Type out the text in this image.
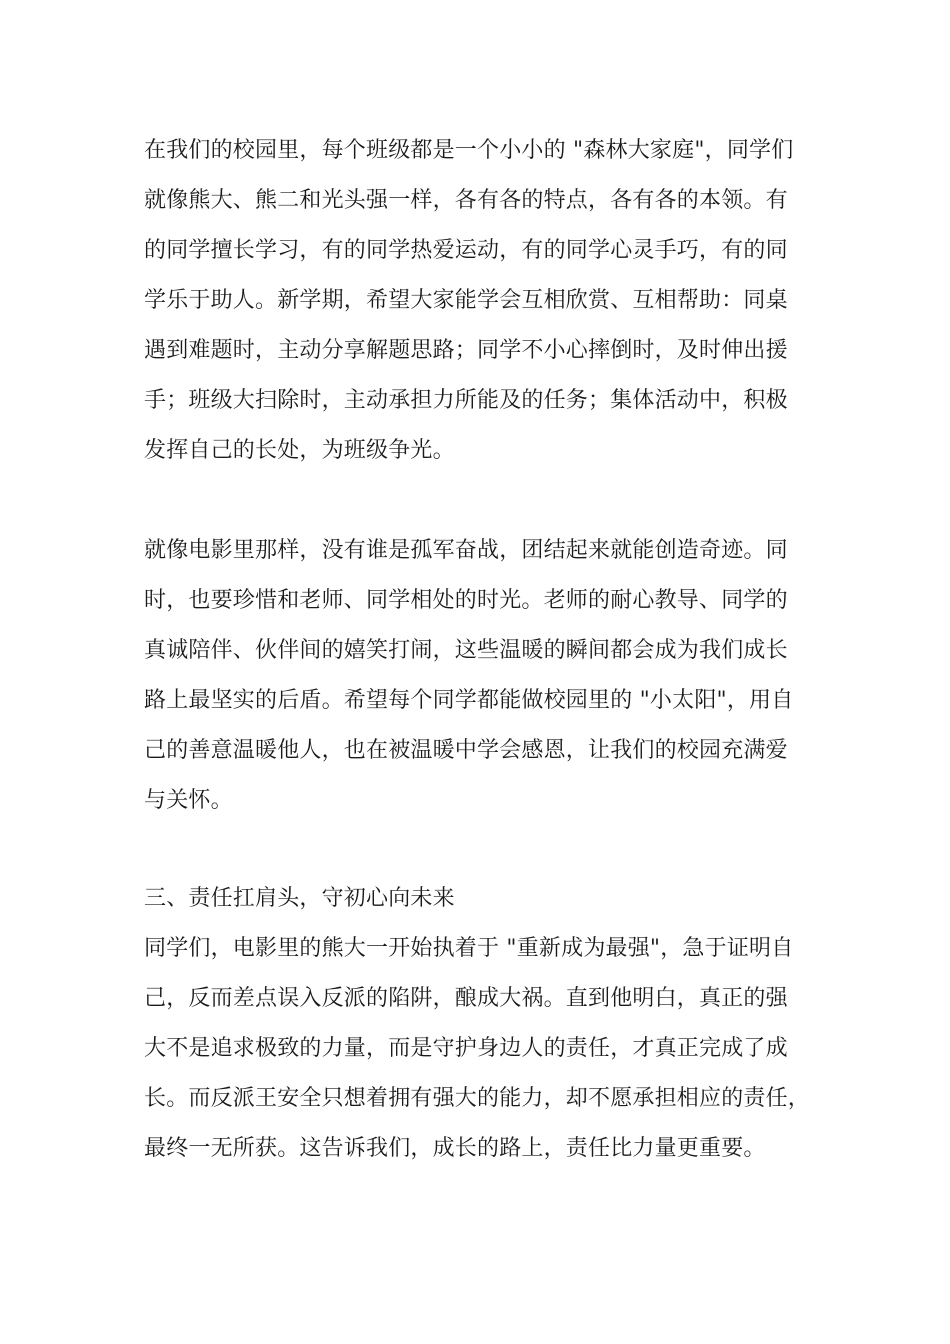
在我们的校园里，每个班级都是一个小小的 "森林大家庭"，同学们
就像熊大、熊二和光头强一样，各有各的特点，各有各的本领。有
的同学擅长学习，有的同学热爱运动，有的同学心灵手巧，有的同
学乐于助人。新学期，希望大家能学会互相欣赏、互相帮助：同桌
遇到难题时，主动分享解题思路；同学不小心摔倒时，及时伸出援
手；班级大扫除时，主动承担力所能及的任务；集体活动中，积极
发挥自己的长处，为班级争光。
就像电影里那样，没有谁是孤军奋战，团结起来就能创造奇迹。同
时，也要珍惜和老师、同学相处的时光。老师的耐心教导、同学的
真诚陪伴、伙伴间的嬉笑打闹，这些温暖的瞬间都会成为我们成长
路上最坚实的后盾。希望每个同学都能做校园里的 "小太阳"，用自
己的善意温暖他人，也在被温暖中学会感恩，让我们的校园充满爱
与关怀。
三、责任扛肩头，守初心向未来
同学们，电影里的熊大一开始执着于 "重新成为最强"，急于证明自
己，反而差点误入反派的陷阱，酿成大祸。直到他明白，真正的强
大不是追求极致的力量，而是守护身边人的责任，才真正完成了成
长。而反派王安全只想着拥有强大的能力，却不愿承担相应的责任，
最终一无所获。这告诉我们，成长的路上，责任比力量更重要。
